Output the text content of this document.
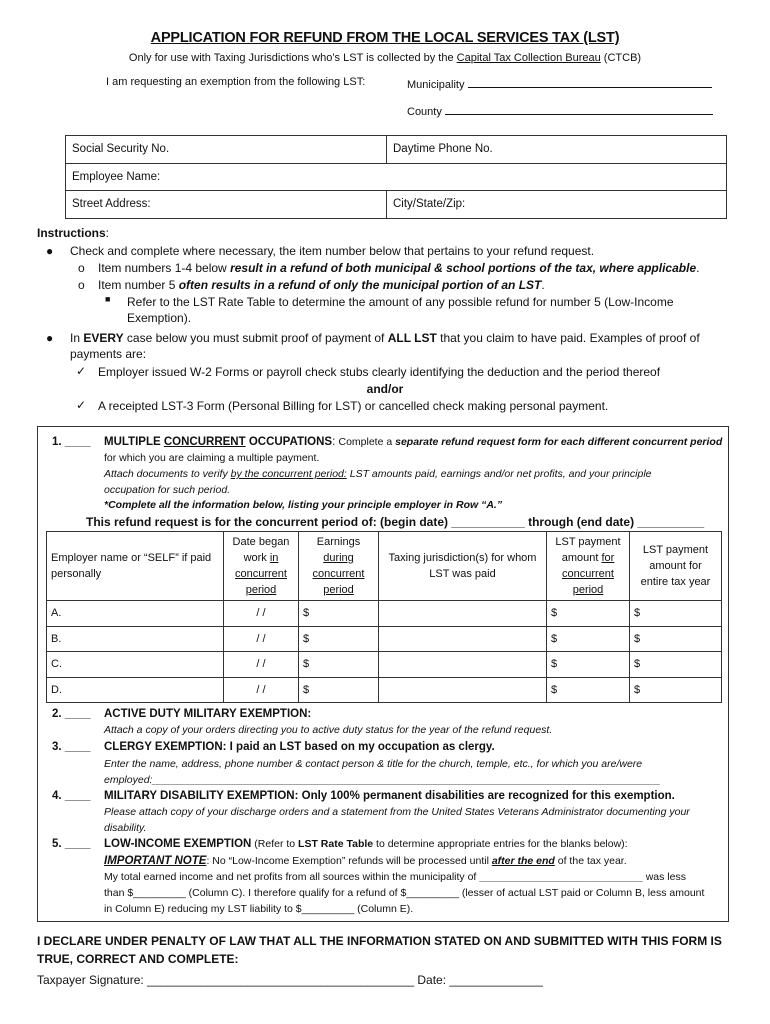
APPLICATION FOR REFUND FROM THE LOCAL SERVICES TAX (LST)
Only for use with Taxing Jurisdictions who’s LST is collected by the Capital Tax Collection Bureau (CTCB)
I am requesting an exemption from the following LST:	Municipality
County
Social Security No.	Daytime Phone No.
Employee Name:	
Street Address:	City/State/Zip:
Instructions:
● Check and complete where necessary, the item number below that pertains to your refund request.
o Item numbers 1-4 below result in a refund of both municipal & school portions of the tax, where applicable.
o Item number 5 often results in a refund of only the municipal portion of an LST.
■ Refer to the LST Rate Table to determine the amount of any possible refund for number 5 (Low-Income
Exemption).
● In EVERY case below you must submit proof of payment of ALL LST that you claim to have paid. Examples of proof of
payments are:
✓ Employer issued W-2 Forms or payroll check stubs clearly identifying the deduction and the period thereof
and/or
✓ A receipted LST-3 Form (Personal Billing for LST) or cancelled check making personal payment.
1. ____ MULTIPLE CONCURRENT OCCUPATIONS: Complete a separate refund request form for each different concurrent period
for which you are claiming a multiple payment.
Attach documents to verify by the concurrent period: LST amounts paid, earnings and/or net profits, and your principle
occupation for such period.
*Complete all the information below, listing your principle employer in Row “A.”
This refund request is for the concurrent period of: (begin date) ___________ through (end date) __________
Employer name or “SELF” if paid personally	Date began
work in
concurrent
period	Earnings
during
concurrent
period	Taxing jurisdiction(s) for whom LST was paid	LST payment
amount for
concurrent
period	LST payment amount for entire tax year
A.	/ /	$		$	$
B.	/ /	$		$	$
C.	/ /	$		$	$
D.	/ /	$		$	$
2. ____ ACTIVE DUTY MILITARY EXEMPTION:
Attach a copy of your orders directing you to active duty status for the year of the refund request.
3. ____ CLERGY EXEMPTION: I paid an LST based on my occupation as clergy.
Enter the name, address, phone number & contact person & title for the church, temple, etc., for which you are/were
employed:_______________________________________________________________________________________
4. ____ MILITARY DISABILITY EXEMPTION: Only 100% permanent disabilities are recognized for this exemption.
Please attach copy of your discharge orders and a statement from the United States Veterans Administrator documenting your
disability.
5. ____ LOW-INCOME EXEMPTION (Refer to LST Rate Table to determine appropriate entries for the blanks below):
IMPORTANT NOTE: No “Low-Income Exemption” refunds will be processed until after the end of the tax year.
My total earned income and net profits from all sources within the municipality of ____________________________ was less
than $_________ (Column C). I therefore qualify for a refund of $_________ (lesser of actual LST paid or Column B, less amount
in Column E) reducing my LST liability to $_________ (Column E).
I DECLARE UNDER PENALTY OF LAW THAT ALL THE INFORMATION STATED ON AND SUBMITTED WITH THIS FORM IS
TRUE, CORRECT AND COMPLETE:
Taxpayer Signature: ________________________________________ Date: ______________
